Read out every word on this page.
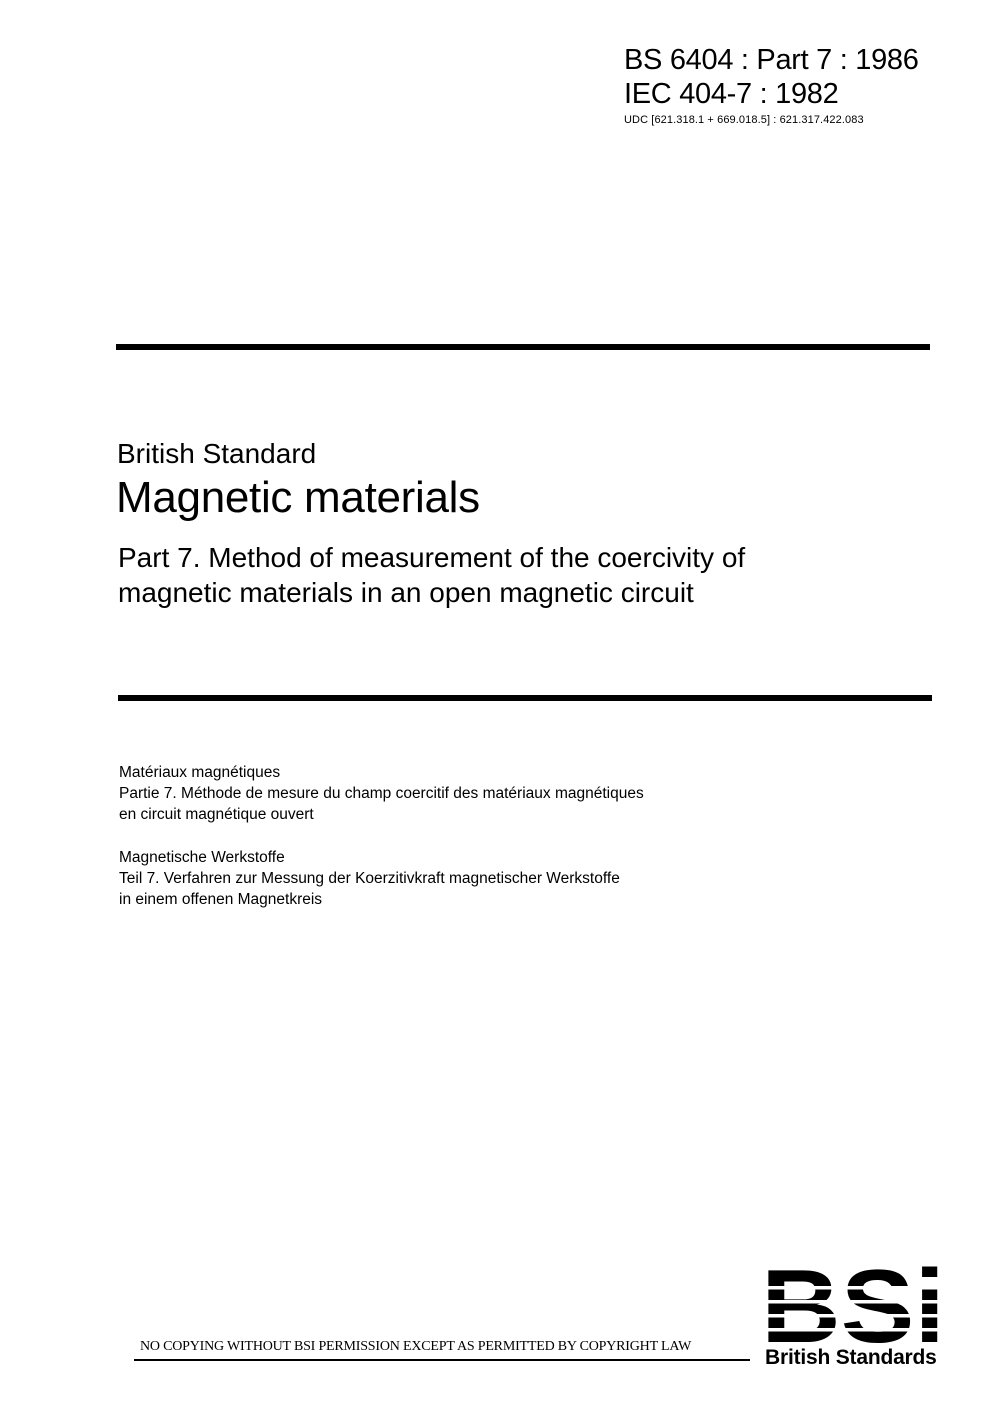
BS 6404 : Part 7 : 1986
IEC 404-7 : 1982
UDC [621.318.1 + 669.018.5] : 621.317.422.083
British Standard
Magnetic materials
Part 7. Method of measurement of the coercivity of
magnetic materials in an open magnetic circuit
Matériaux magnétiques
Partie 7. Méthode de mesure du champ coercitif des matériaux magnétiques
en circuit magnétique ouvert
Magnetische Werkstoffe
Teil 7. Verfahren zur Messung der Koerzitivkraft magnetischer Werkstoffe
in einem offenen Magnetkreis
NO COPYING WITHOUT BSI PERMISSION EXCEPT AS PERMITTED BY COPYRIGHT LAW	British Standards
